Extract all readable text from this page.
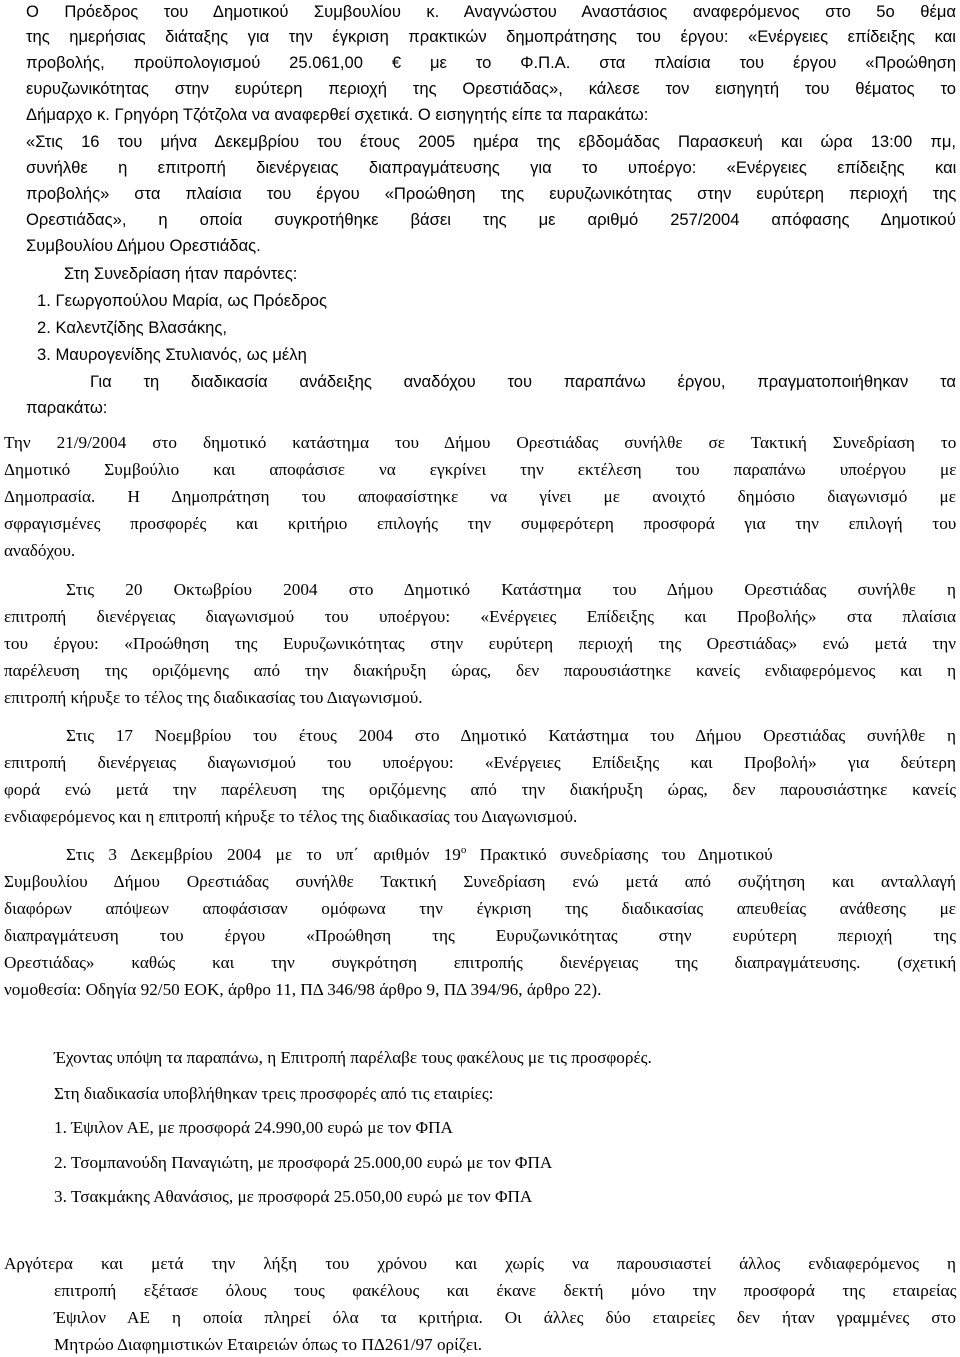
Ο Πρόεδρος του Δημοτικού Συμβουλίου κ. Αναγνώστου Αναστάσιος αναφερόμενος στο 5ο θέμα
της ημερήσιας διάταξης για την έγκριση πρακτικών δημοπράτησης του έργου: «Ενέργειες επίδειξης και
προβολής, προϋπολογισμού 25.061,00 € με το Φ.Π.Α. στα πλαίσια του έργου «Προώθηση
ευρυζωνικότητας στην ευρύτερη περιοχή της Ορεστιάδας», κάλεσε τον εισηγητή του θέματος το
Δήμαρχο κ. Γρηγόρη Τζότζολα να αναφερθεί σχετικά. Ο εισηγητής είπε τα παρακάτω:
«Στις 16 του μήνα Δεκεμβρίου του έτους 2005 ημέρα της εβδομάδας Παρασκευή και ώρα 13:00 πμ,
συνήλθε η επιτροπή διενέργειας διαπραγμάτευσης για το υποέργο: «Ενέργειες επίδειξης και
προβολής» στα πλαίσια του έργου «Προώθηση της ευρυζωνικότητας στην ευρύτερη περιοχή της
Ορεστιάδας», η οποία συγκροτήθηκε βάσει της με αριθμό 257/2004 απόφασης Δημοτικού
Συμβουλίου Δήμου Ορεστιάδας.
Στη Συνεδρίαση ήταν παρόντες:
1. Γεωργοπούλου Μαρία, ως Πρόεδρος
2. Καλεντζίδης Βλασάκης,
3. Μαυρογενίδης Στυλιανός, ως μέλη
Για τη διαδικασία ανάδειξης αναδόχου του παραπάνω έργου, πραγματοποιήθηκαν τα
παρακάτω:
Την 21/9/2004 στο δημοτικό κατάστημα του Δήμου Ορεστιάδας συνήλθε σε Τακτική Συνεδρίαση το
Δημοτικό Συμβούλιο και αποφάσισε να εγκρίνει την εκτέλεση του παραπάνω υποέργου με
Δημοπρασία. Η Δημοπράτηση του αποφασίστηκε να γίνει με ανοιχτό δημόσιο διαγωνισμό με
σφραγισμένες προσφορές και κριτήριο επιλογής την συμφερότερη προσφορά για την επιλογή του
αναδόχου.
Στις 20 Οκτωβρίου 2004 στο Δημοτικό Κατάστημα του Δήμου Ορεστιάδας συνήλθε η
επιτροπή διενέργειας διαγωνισμού του υποέργου: «Ενέργειες Επίδειξης και Προβολής» στα πλαίσια
του έργου: «Προώθηση της Ευρυζωνικότητας στην ευρύτερη περιοχή της Ορεστιάδας» ενώ μετά την
παρέλευση της οριζόμενης από την διακήρυξη ώρας, δεν παρουσιάστηκε κανείς ενδιαφερόμενος και η
επιτροπή κήρυξε το τέλος της διαδικασίας του Διαγωνισμού.
Στις 17 Νοεμβρίου του έτους 2004 στο Δημοτικό Κατάστημα του Δήμου Ορεστιάδας συνήλθε η
επιτροπή διενέργειας διαγωνισμού του υποέργου: «Ενέργειες Επίδειξης και Προβολή» για δεύτερη
φορά ενώ μετά την παρέλευση της οριζόμενης από την διακήρυξη ώρας, δεν παρουσιάστηκε κανείς
ενδιαφερόμενος και η επιτροπή κήρυξε το τέλος της διαδικασίας του Διαγωνισμού.
Στις 3 Δεκεμβρίου 2004 με το υπ΄ αριθμόν 19 $^o$ Πρακτικό συνεδρίασης του Δημοτικού
Συμβουλίου Δήμου Ορεστιάδας συνήλθε Τακτική Συνεδρίαση ενώ μετά από συζήτηση και ανταλλαγή
διαφόρων απόψεων αποφάσισαν ομόφωνα την έγκριση της διαδικασίας απευθείας ανάθεσης με
διαπραγμάτευση του έργου «Προώθηση της Ευρυζωνικότητας στην ευρύτερη περιοχή της
Ορεστιάδας» καθώς και την συγκρότηση επιτροπής διενέργειας της διαπραγμάτευσης. (σχετική
νομοθεσία: Οδηγία 92/50 ΕΟΚ, άρθρο 11, ΠΔ 346/98 άρθρο 9, ΠΔ 394/96, άρθρο 22).
Έχοντας υπόψη τα παραπάνω, η Επιτροπή παρέλαβε τους φακέλους με τις προσφορές.
Στη διαδικασία υποβλήθηκαν τρεις προσφορές από τις εταιρίες:
1. Έψιλον ΑΕ, με προσφορά 24.990,00 ευρώ με τον ΦΠΑ
2. Τσομπανούδη Παναγιώτη, με προσφορά 25.000,00 ευρώ με τον ΦΠΑ
3. Τσακμάκης Αθανάσιος, με προσφορά 25.050,00 ευρώ με τον ΦΠΑ
Αργότερα και μετά την λήξη του χρόνου και χωρίς να παρουσιαστεί άλλος ενδιαφερόμενος η
επιτροπή εξέτασε όλους τους φακέλους και έκανε δεκτή μόνο την προσφορά της εταιρείας
Έψιλον ΑΕ η οποία πληρεί όλα τα κριτήρια. Οι άλλες δύο εταιρείες δεν ήταν γραμμένες στο
Μητρώο Διαφημιστικών Εταιρειών όπως το ΠΔ261/97 ορίζει.
